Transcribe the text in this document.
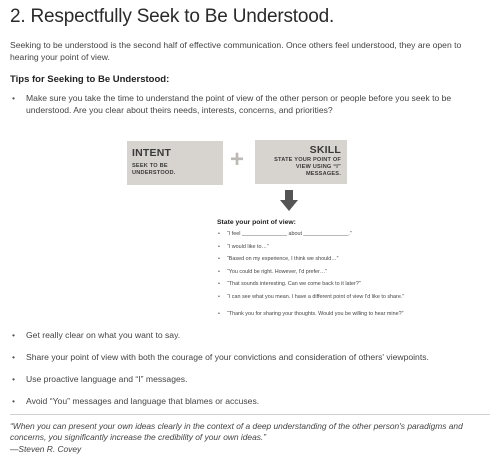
2. Respectfully Seek to Be Understood.

Seeking to be understood is the second half of effective communication. Once others feel understood, they are open to hearing your point of view.

Tips for Seeking to Be Understood:

• Make sure you take the time to understand the point of view of the other person or people before you seek to be understood. Are you clear about theirs needs, interests, concerns, and priorities?
INTENT
SEEK TO BE UNDERSTOOD.	+	SKILL
STATE YOUR POINT OF VIEW USING “I” MESSAGES.

State your point of view:

• “I feel _______________ about _______________.”
• “I would like to…”
• “Based on my experience, I think we should…”
• “You could be right. However, I'd prefer…”
• “That sounds interesting. Can we come back to it later?”
• “I can see what you mean. I have a different point of view I'd like to share.”
• “Thank you for sharing your thoughts. Would you be willing to hear mine?”
• Get really clear on what you want to say.
• Share your point of view with both the courage of your convictions and consideration of others' viewpoints.
• Use proactive language and “I” messages.
• Avoid “You” messages and language that blames or accuses.

“When you can present your own ideas clearly in the context of a deep understanding of the other person's paradigms and concerns, you significantly increase the credibility of your own ideas.”

—Steven R. Covey
